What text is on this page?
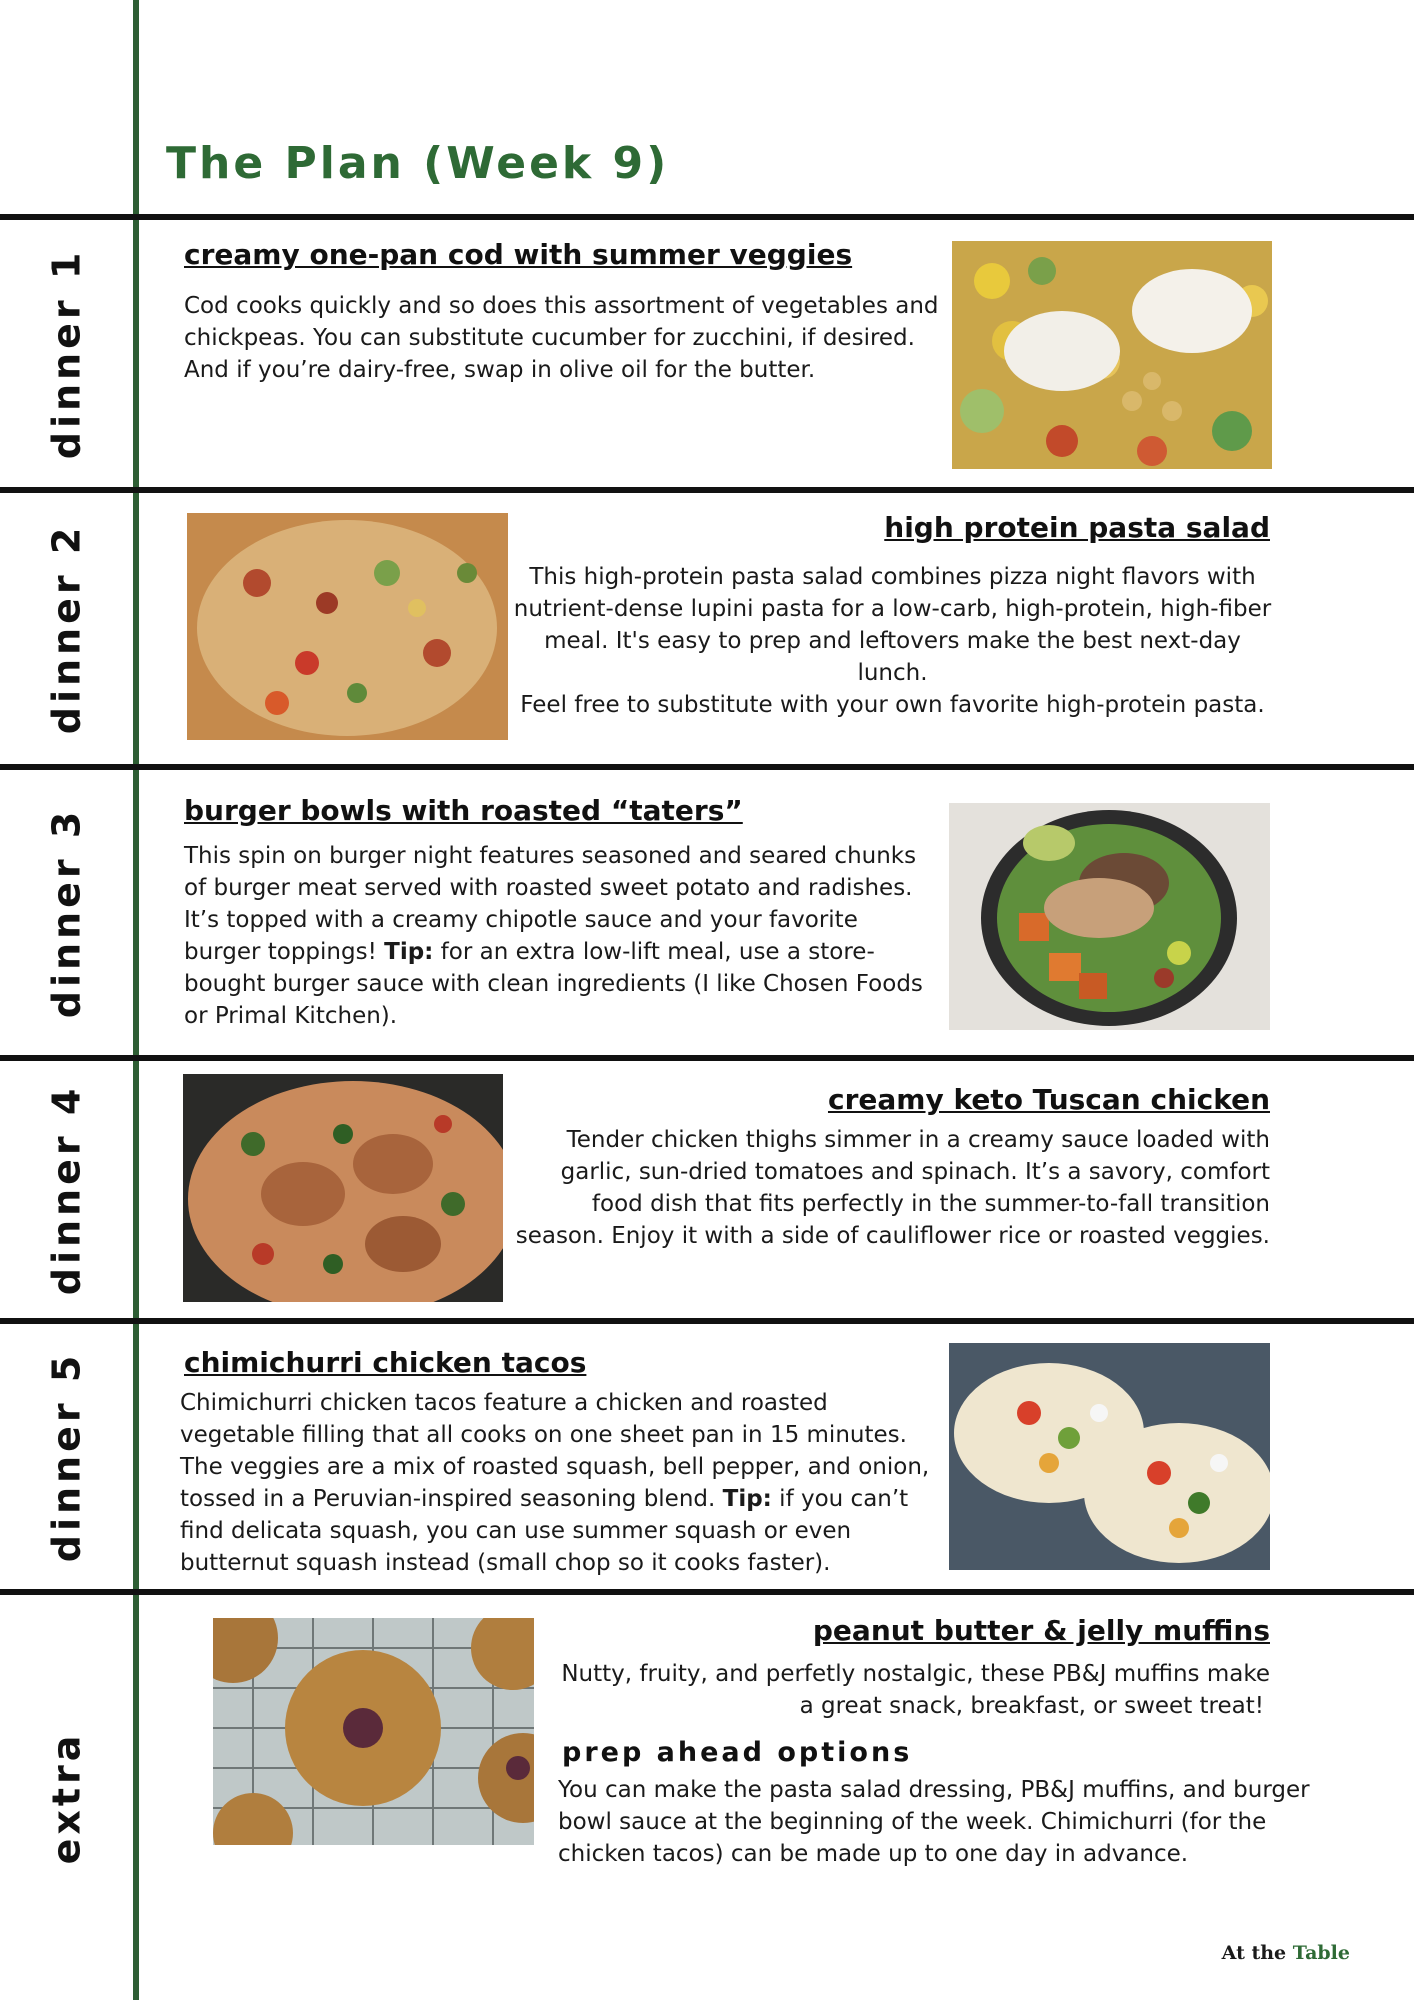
The Plan (Week 9)
dinner 1
dinner 2
dinner 3
dinner 4
dinner 5
extra
creamy one-pan cod with summer veggies
Cod cooks quickly and so does this assortment of vegetables and
chickpeas. You can substitute cucumber for zucchini, if desired.
And if you’re dairy-free, swap in olive oil for the butter.
high protein pasta salad
This high-protein pasta salad combines pizza night flavors with
nutrient-dense lupini pasta for a low-carb, high-protein, high-fiber
meal. It's easy to prep and leftovers make the best next-day lunch.
Feel free to substitute with your own favorite high-protein pasta.
burger bowls with roasted “taters”
This spin on burger night features seasoned and seared chunks
of burger meat served with roasted sweet potato and radishes.
It’s topped with a creamy chipotle sauce and your favorite
burger toppings! Tip: for an extra low-lift meal, use a store-
bought burger sauce with clean ingredients (I like Chosen Foods
or Primal Kitchen).
creamy keto Tuscan chicken
Tender chicken thighs simmer in a creamy sauce loaded with
garlic, sun-dried tomatoes and spinach. It’s a savory, comfort
food dish that fits perfectly in the summer-to-fall transition
season. Enjoy it with a side of cauliflower rice or roasted veggies.
chimichurri chicken tacos
Chimichurri chicken tacos feature a chicken and roasted
vegetable filling that all cooks on one sheet pan in 15 minutes.
The veggies are a mix of roasted squash, bell pepper, and onion,
tossed in a Peruvian-inspired seasoning blend. Tip: if you can’t
find delicata squash, you can use summer squash or even
butternut squash instead (small chop so it cooks faster).
peanut butter & jelly muffins
Nutty, fruity, and perfetly nostalgic, these PB&J muffins make
a great snack, breakfast, or sweet treat!
prep ahead options
You can make the pasta salad dressing, PB&J muffins, and burger
bowl sauce at the beginning of the week. Chimichurri (for the
chicken tacos) can be made up to one day in advance.
At the Table
